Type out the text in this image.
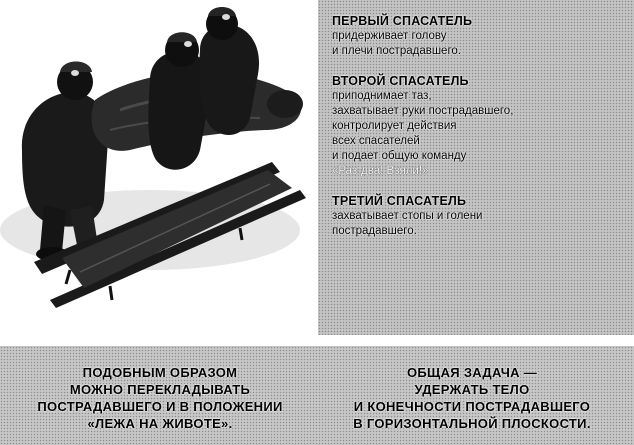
ПЕРВЫЙ СПАСАТЕЛЬ
придерживает голову
и плечи пострадавшего.
ВТОРОЙ СПАСАТЕЛЬ
приподнимает таз,
захватывает руки пострадавшего,
контролирует действия
всех спасателей
и подает общую команду
«Раз-два! Взяли!»
ТРЕТИЙ СПАСАТЕЛЬ
захватывает стопы и голени
пострадавшего.
ПОДОБНЫМ ОБРАЗОМ
МОЖНО ПЕРЕКЛАДЫВАТЬ
ПОСТРАДАВШЕГО И В ПОЛОЖЕНИИ
«ЛЕЖА НА ЖИВОТЕ».
ОБЩАЯ ЗАДАЧА —
УДЕРЖАТЬ ТЕЛО
И КОНЕЧНОСТИ ПОСТРАДАВШЕГО
В ГОРИЗОНТАЛЬНОЙ ПЛОСКОСТИ.
